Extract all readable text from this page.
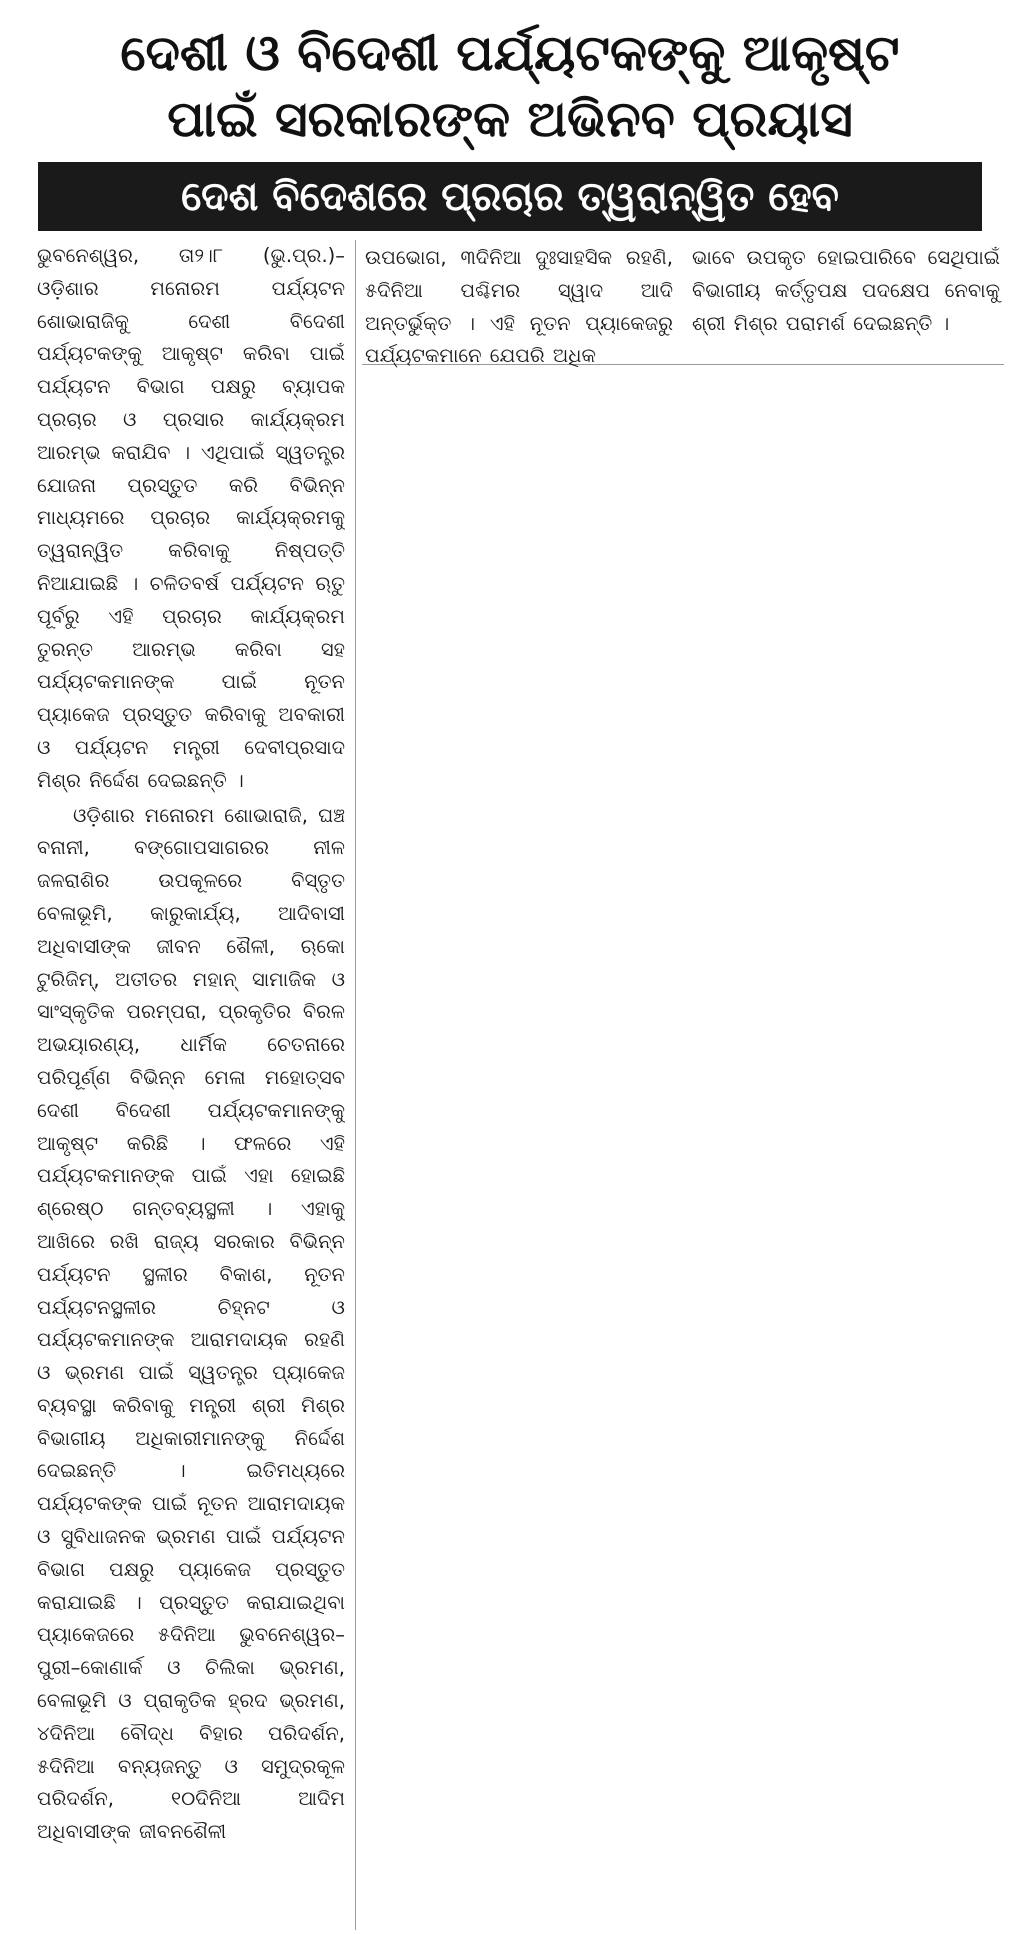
ଦେଶୀ ଓ ବିଦେଶୀ ପର୍ଯ୍ୟଟକଙ୍କୁ ଆକୃଷ୍ଟ
ପାଇଁ ସରକାରଙ୍କ ଅଭିନବ ପ୍ରୟାସ
ଦେଶ ବିଦେଶରେ ପ୍ରଚାର ତ୍ୱରାନ୍ୱିତ ହେବ

ଭୁବନେଶ୍ୱର, ତା୨।୮ (ଭୁ.ପ୍ର.)– ଓଡ଼ିଶାର ମନୋରମ ପର୍ଯ୍ୟଟନ ଶୋଭାରାଜିକୁ ଦେଶୀ ବିଦେଶୀ ପର୍ଯ୍ୟଟକଙ୍କୁ ଆକୃଷ୍ଟ କରିବା ପାଇଁ ପର୍ଯ୍ୟଟନ ବିଭାଗ ପକ୍ଷରୁ ବ୍ୟାପକ ପ୍ରଚାର ଓ ପ୍ରସାର କାର୍ଯ୍ୟକ୍ରମ ଆରମ୍ଭ କରାଯିବ । ଏଥିପାଇଁ ସ୍ୱତନ୍ତ୍ର ଯୋଜନା ପ୍ରସ୍ତୁତ କରି ବିଭିନ୍ନ ମାଧ୍ୟମରେ ପ୍ରଚାର କାର୍ଯ୍ୟକ୍ରମକୁ ତ୍ୱରାନ୍ୱିତ କରିବାକୁ ନିଷ୍ପତ୍ତି ନିଆଯାଇଛି । ଚଳିତବର୍ଷ ପର୍ଯ୍ୟଟନ ଋତୁ ପୂର୍ବରୁ ଏହି ପ୍ରଚାର କାର୍ଯ୍ୟକ୍ରମ ତୁରନ୍ତ ଆରମ୍ଭ କରିବା ସହ ପର୍ଯ୍ୟଟକମାନଙ୍କ ପାଇଁ ନୂତନ ପ୍ୟାକେଜ ପ୍ରସ୍ତୁତ କରିବାକୁ ଅବକାରୀ ଓ ପର୍ଯ୍ୟଟନ ମନ୍ତ୍ରୀ ଦେବୀପ୍ରସାଦ ମିଶ୍ର ନିର୍ଦ୍ଦେଶ ଦେଇଛନ୍ତି ।

ଓଡ଼ିଶାର ମନୋରମ ଶୋଭାରାଜି, ଘଞ୍ଚ ବନାନୀ, ବଙ୍ଗୋପସାଗରର ନୀଳ ଜଳରାଶିର ଉପକୂଳରେ ବିସ୍ତୃତ ବେଳାଭୂମି, କାରୁକାର୍ଯ୍ୟ, ଆଦିବାସୀ ଅଧିବାସୀଙ୍କ ଜୀବନ ଶୈଳୀ, ଋକୋ ଟୁରିଜିମ୍, ଅତୀତର ମହାନ୍ ସାମାଜିକ ଓ ସାଂସ୍କୃତିକ ପରମ୍ପରା, ପ୍ରକୃତିର ବିରଳ ଅଭୟାରଣ୍ୟ, ଧାର୍ମିକ ଚେତନାରେ ପରିପୂର୍ଣ୍ଣ ବିଭିନ୍ନ ମେଳା ମହୋତ୍ସବ ଦେଶୀ ବିଦେଶୀ ପର୍ଯ୍ୟଟକମାନଙ୍କୁ ଆକୃଷ୍ଟ କରିଛି । ଫଳରେ ଏହି ପର୍ଯ୍ୟଟକମାନଙ୍କ ପାଇଁ ଏହା ହୋଇଛି ଶ୍ରେଷ୍ଠ ଗନ୍ତବ୍ୟସ୍ଥଳୀ । ଏହାକୁ ଆଖିରେ ରଖି ରାଜ୍ୟ ସରକାର ବିଭିନ୍ନ ପର୍ଯ୍ୟଟନ ସ୍ଥଳୀର ବିକାଶ, ନୂତନ ପର୍ଯ୍ୟଟନସ୍ଥଳୀର ଚିହ୍ନଟ ଓ ପର୍ଯ୍ୟଟକମାନଙ୍କ ଆରାମଦାୟକ ରହଣି ଓ ଭ୍ରମଣ ପାଇଁ ସ୍ୱତନ୍ତ୍ର ପ୍ୟାକେଜ ବ୍ୟବସ୍ଥା କରିବାକୁ ମନ୍ତ୍ରୀ ଶ୍ରୀ ମିଶ୍ର ବିଭାଗୀୟ ଅଧିକାରୀମାନଙ୍କୁ ନିର୍ଦ୍ଦେଶ ଦେଇଛନ୍ତି । ଇତିମଧ୍ୟରେ ପର୍ଯ୍ୟଟକଙ୍କ ପାଇଁ ନୂତନ ଆରାମଦାୟକ ଓ ସୁବିଧାଜନକ ଭ୍ରମଣ ପାଇଁ ପର୍ଯ୍ୟଟନ ବିଭାଗ ପକ୍ଷରୁ ପ୍ୟାକେଜ ପ୍ରସ୍ତୁତ କରାଯାଇଛି । ପ୍ରସ୍ତୁତ କରାଯାଇଥିବା ପ୍ୟାକେଜରେ ୫ଦିନିଆ ଭୁବନେଶ୍ୱର–ପୁରୀ–କୋଣାର୍କ ଓ ଚିଲିକା ଭ୍ରମଣ, ବେଳାଭୂମି ଓ ପ୍ରାକୃତିକ ହ୍ରଦ ଭ୍ରମଣ, ୪ଦିନିଆ ବୌଦ୍ଧ ବିହାର ପରିଦର୍ଶନ, ୫ଦିନିଆ ବନ୍ୟଜନ୍ତୁ ଓ ସମୁଦ୍ରକୂଳ ପରିଦର୍ଶନ, ୧୦ଦିନିଆ ଆଦିମ ଅଧିବାସୀଙ୍କ ଜୀବନଶୈଳୀ

ଉପଭୋଗ, ୩ଦିନିଆ ଦୁଃସାହସିକ ରହଣି, ୫ଦିନିଆ ପଶ୍ଚିମର ସ୍ୱାଦ ଆଦି ଅନ୍ତର୍ଭୁକ୍ତ । ଏହି ନୂତନ ପ୍ୟାକେଜରୁ ପର୍ଯ୍ୟଟକମାନେ ଯେପରି ଅଧିକ

ଭାବେ ଉପକୃତ ହୋଇପାରିବେ ସେଥିପାଇଁ ବିଭାଗୀୟ କର୍ତ୍ତୃପକ୍ଷ ପଦକ୍ଷେପ ନେବାକୁ ଶ୍ରୀ ମିଶ୍ର ପରାମର୍ଶ ଦେଇଛନ୍ତି ।
